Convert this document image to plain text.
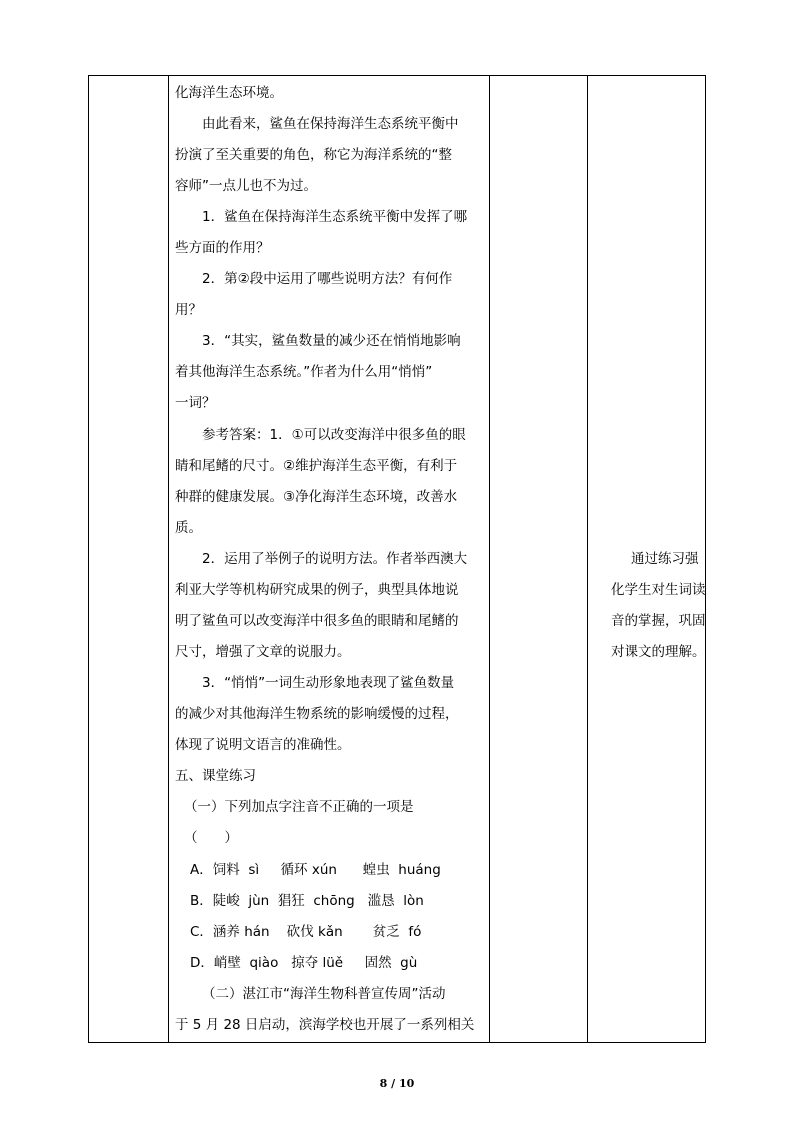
化海洋生态环境。
由此看来，鲨鱼在保持海洋生态系统平衡中
扮演了至关重要的角色，称它为海洋系统的“整
容师”一点儿也不为过。
1．鲨鱼在保持海洋生态系统平衡中发挥了哪
些方面的作用？
2．第②段中运用了哪些说明方法？有何作
用？
3．“其实，鲨鱼数量的减少还在悄悄地影响
着其他海洋生态系统。”作者为什么用“悄悄”
一词？
参考答案：1．①可以改变海洋中很多鱼的眼
睛和尾鳍的尺寸。②维护海洋生态平衡，有利于
种群的健康发展。③净化海洋生态环境，改善水
质。
2．运用了举例子的说明方法。作者举西澳大
利亚大学等机构研究成果的例子，典型具体地说
明了鲨鱼可以改变海洋中很多鱼的眼睛和尾鳍的
尺寸，增强了文章的说服力。
3．“悄悄”一词生动形象地表现了鲨鱼数量
的减少对其他海洋生物系统的影响缓慢的过程，
体现了说明文语言的准确性。
五、课堂练习
（一）下列加点字注音不正确的一项是
（　　）
A．饲料  sì     循环 xún      蝗虫  huáng
B．陡峻  jùn  猖狂  chōng   滥恳  lòn
C．涵养 hán    砍伐 kǎn       贫乏  fó
D．峭壁  qiào   掠夺 lüě     固然  gù
（二）湛江市“海洋生物科普宣传周”活动
于 5 月 28 日启动，滨海学校也开展了一系列相关
通过练习强
化学生对生词读
音的掌握，巩固
对课文的理解。
8 / 10
